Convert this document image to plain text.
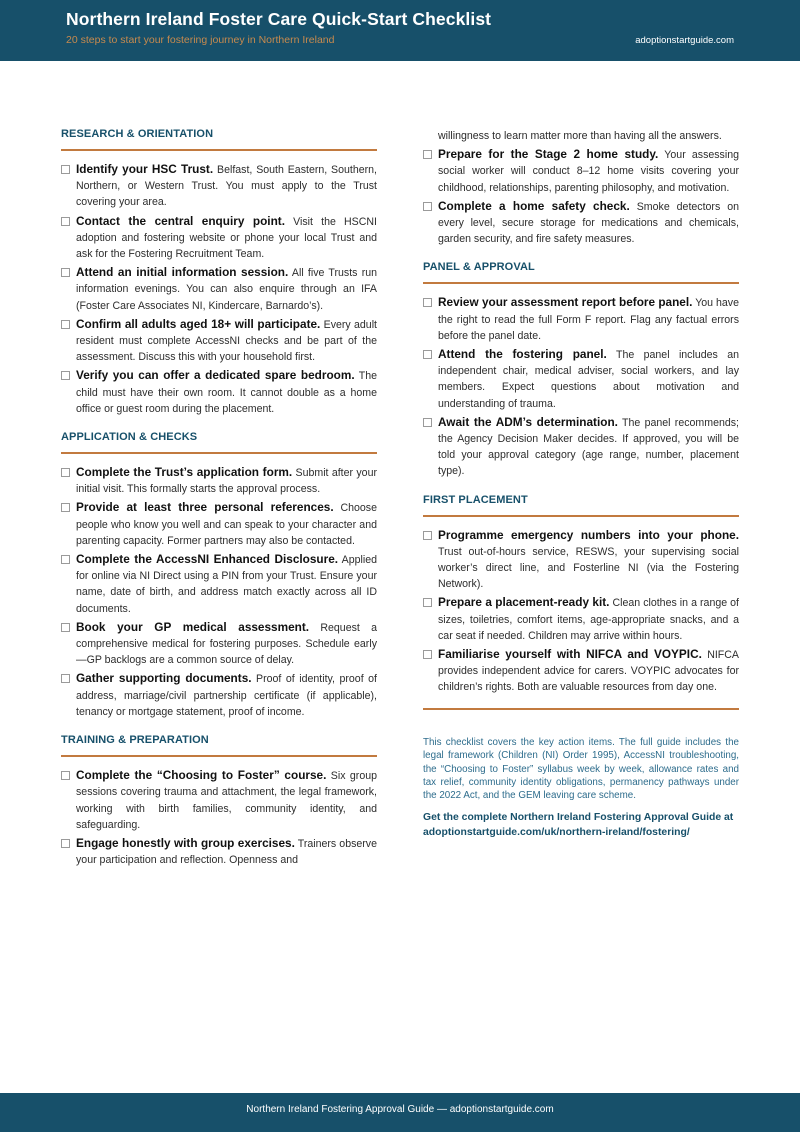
Northern Ireland Foster Care Quick-Start Checklist
20 steps to start your fostering journey in Northern Ireland	adoptionstartguide.com
RESEARCH & ORIENTATION
Identify your HSC Trust. Belfast, South Eastern, Southern, Northern, or Western Trust. You must apply to the Trust covering your area.
Contact the central enquiry point. Visit the HSCNI adoption and fostering website or phone your local Trust and ask for the Fostering Recruitment Team.
Attend an initial information session. All five Trusts run information evenings. You can also enquire through an IFA (Foster Care Associates NI, Kindercare, Barnardo’s).
Confirm all adults aged 18+ will participate. Every adult resident must complete AccessNI checks and be part of the assessment. Discuss this with your household first.
Verify you can offer a dedicated spare bedroom. The child must have their own room. It cannot double as a home office or guest room during the placement.
APPLICATION & CHECKS
Complete the Trust’s application form. Submit after your initial visit. This formally starts the approval process.
Provide at least three personal references. Choose people who know you well and can speak to your character and parenting capacity. Former partners may also be contacted.
Complete the AccessNI Enhanced Disclosure. Applied for online via NI Direct using a PIN from your Trust. Ensure your name, date of birth, and address match exactly across all ID documents.
Book your GP medical assessment. Request a comprehensive medical for fostering purposes. Schedule early—GP backlogs are a common source of delay.
Gather supporting documents. Proof of identity, proof of address, marriage/civil partnership certificate (if applicable), tenancy or mortgage statement, proof of income.
TRAINING & PREPARATION
Complete the “Choosing to Foster” course. Six group sessions covering trauma and attachment, the legal framework, working with birth families, community identity, and safeguarding.
Engage honestly with group exercises. Trainers observe your participation and reflection. Openness and
willingness to learn matter more than having all the answers.
Prepare for the Stage 2 home study. Your assessing social worker will conduct 8–12 home visits covering your childhood, relationships, parenting philosophy, and motivation.
Complete a home safety check. Smoke detectors on every level, secure storage for medications and chemicals, garden security, and fire safety measures.
PANEL & APPROVAL
Review your assessment report before panel. You have the right to read the full Form F report. Flag any factual errors before the panel date.
Attend the fostering panel. The panel includes an independent chair, medical adviser, social workers, and lay members. Expect questions about motivation and understanding of trauma.
Await the ADM’s determination. The panel recommends; the Agency Decision Maker decides. If approved, you will be told your approval category (age range, number, placement type).
FIRST PLACEMENT
Programme emergency numbers into your phone. Trust out-of-hours service, RESWS, your supervising social worker’s direct line, and Fosterline NI (via the Fostering Network).
Prepare a placement-ready kit. Clean clothes in a range of sizes, toiletries, comfort items, age-appropriate snacks, and a car seat if needed. Children may arrive within hours.
Familiarise yourself with NIFCA and VOYPIC. NIFCA provides independent advice for carers. VOYPIC advocates for children’s rights. Both are valuable resources from day one.
This checklist covers the key action items. The full guide includes the legal framework (Children (NI) Order 1995), AccessNI troubleshooting, the “Choosing to Foster” syllabus week by week, allowance rates and tax relief, community identity obligations, permanency pathways under the 2022 Act, and the GEM leaving care scheme.
Get the complete Northern Ireland Fostering Approval Guide at adoptionstartguide.com/uk/northern-ireland/fostering/
Northern Ireland Fostering Approval Guide — adoptionstartguide.com
